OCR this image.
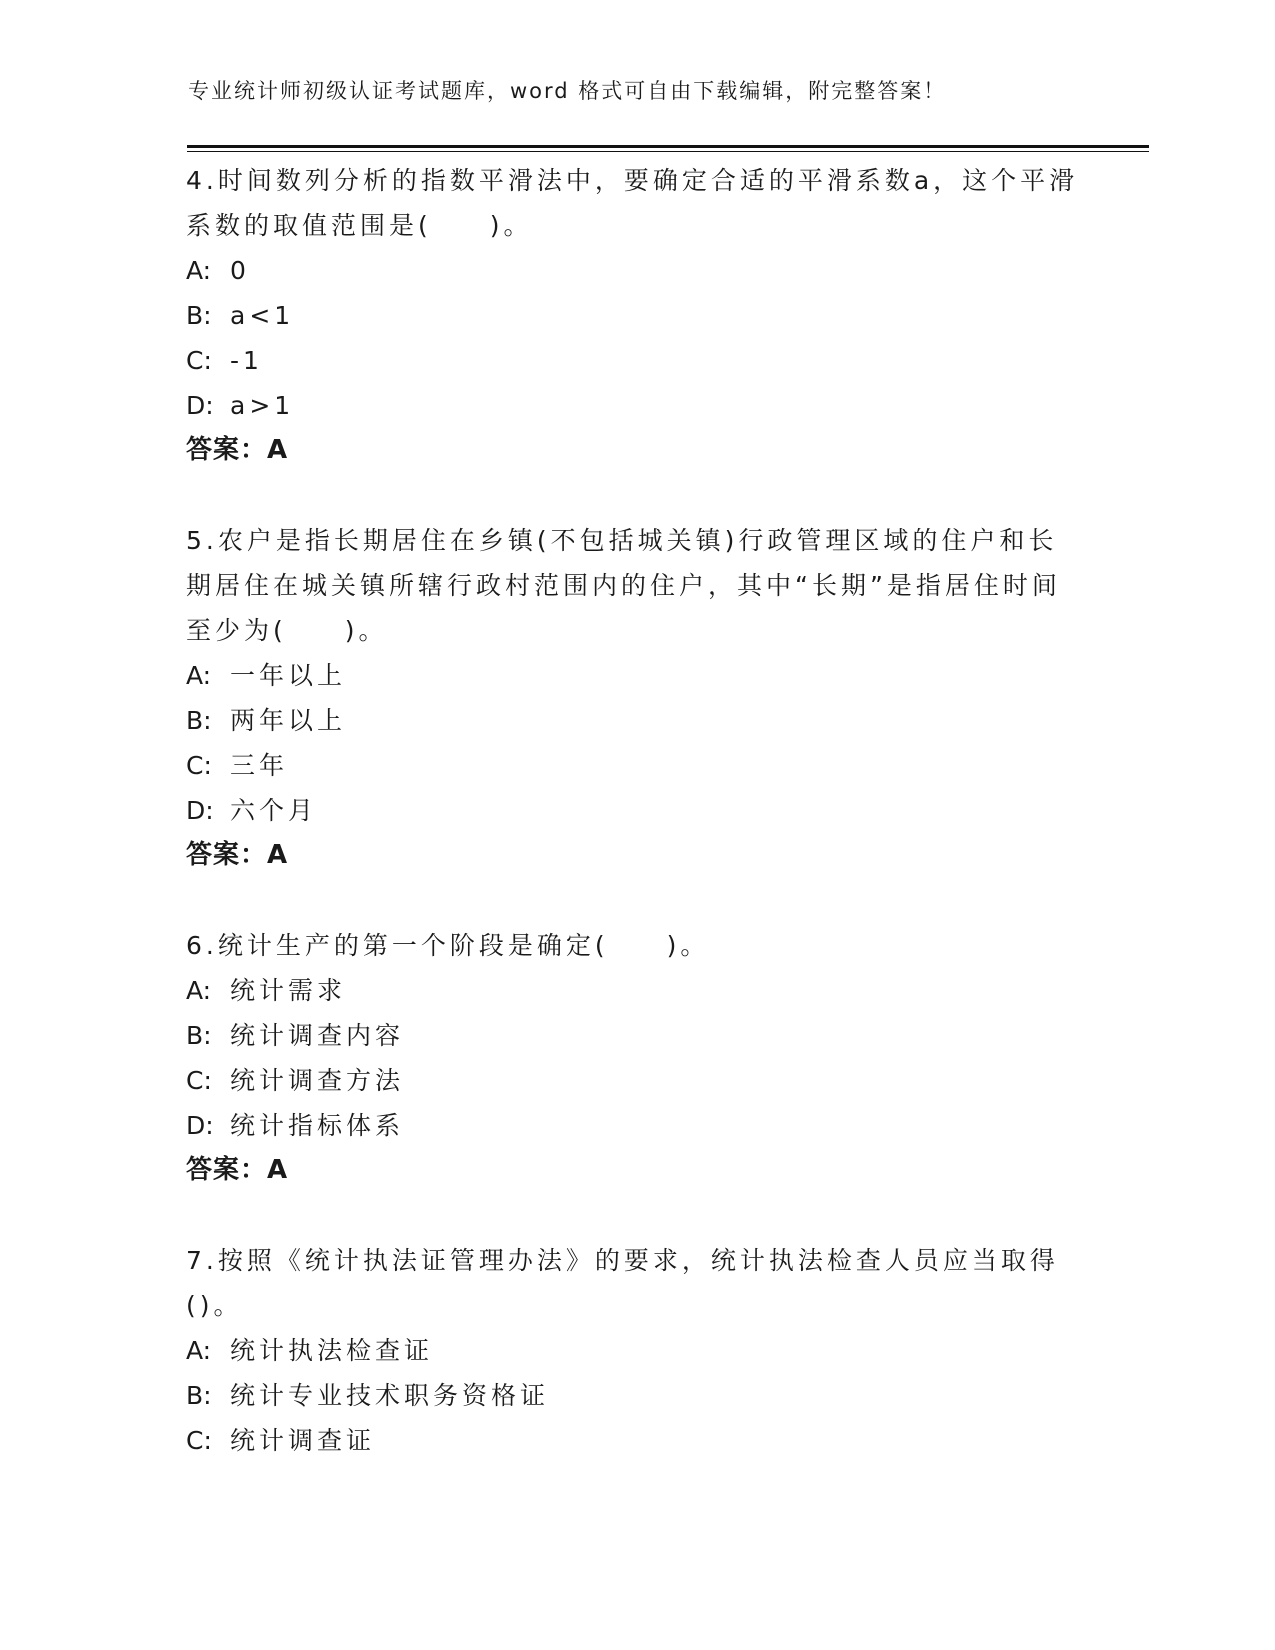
专业统计师初级认证考试题库，word 格式可自由下载编辑，附完整答案！

4.时间数列分析的指数平滑法中，要确定合适的平滑系数a，这个平滑系数的取值范围是(　　)。

A: 0
B: a<1
C: -1
D: a>1
答案：A

5.农户是指长期居住在乡镇(不包括城关镇)行政管理区域的住户和长期居住在城关镇所辖行政村范围内的住户，其中“长期”是指居住时间至少为(　　)。

A: 一年以上
B: 两年以上
C: 三年
D: 六个月
答案：A

6.统计生产的第一个阶段是确定(　　)。

A: 统计需求
B: 统计调查内容
C: 统计调查方法
D: 统计指标体系
答案：A

7.按照《统计执法证管理办法》的要求，统计执法检查人员应当取得()。

A: 统计执法检查证
B: 统计专业技术职务资格证
C: 统计调查证
